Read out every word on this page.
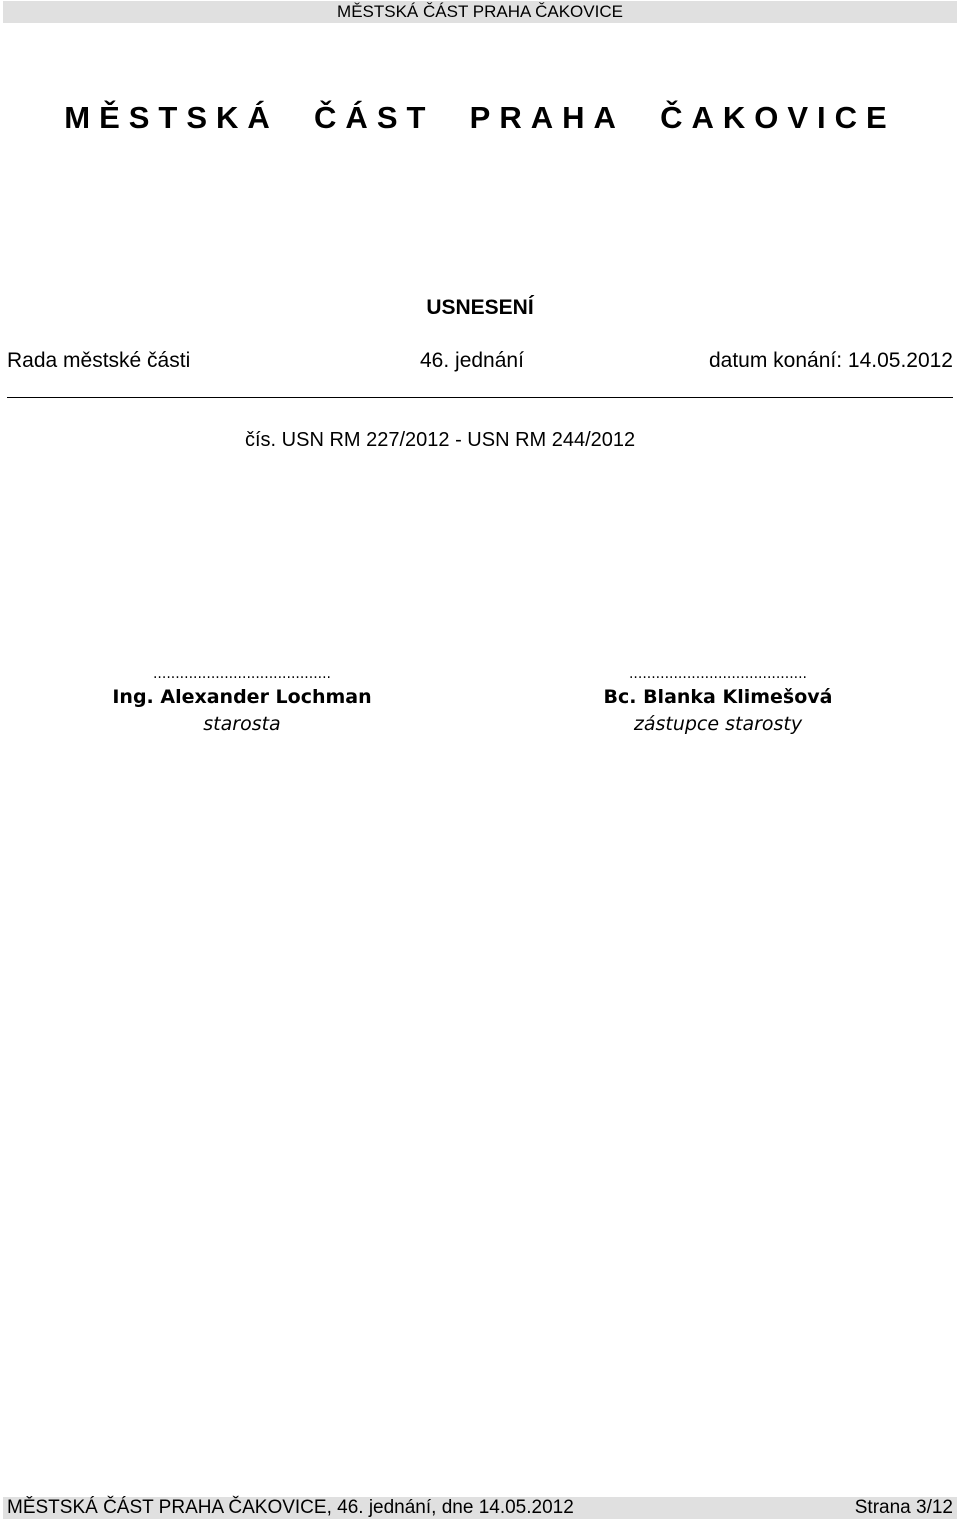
MĚSTSKÁ ČÁST PRAHA ČAKOVICE
MĚSTSKÁ  ČÁST  PRAHA  ČAKOVICE
USNESENÍ
Rada městské části	46. jednání	datum konání: 14.05.2012
čís. USN RM 227/2012 - USN RM 244/2012
........................................
Ing. Alexander Lochman
starosta
........................................
Bc. Blanka Klimešová
zástupce starosty
MĚSTSKÁ ČÁST PRAHA ČAKOVICE, 46. jednání, dne 14.05.2012	Strana 3/12
